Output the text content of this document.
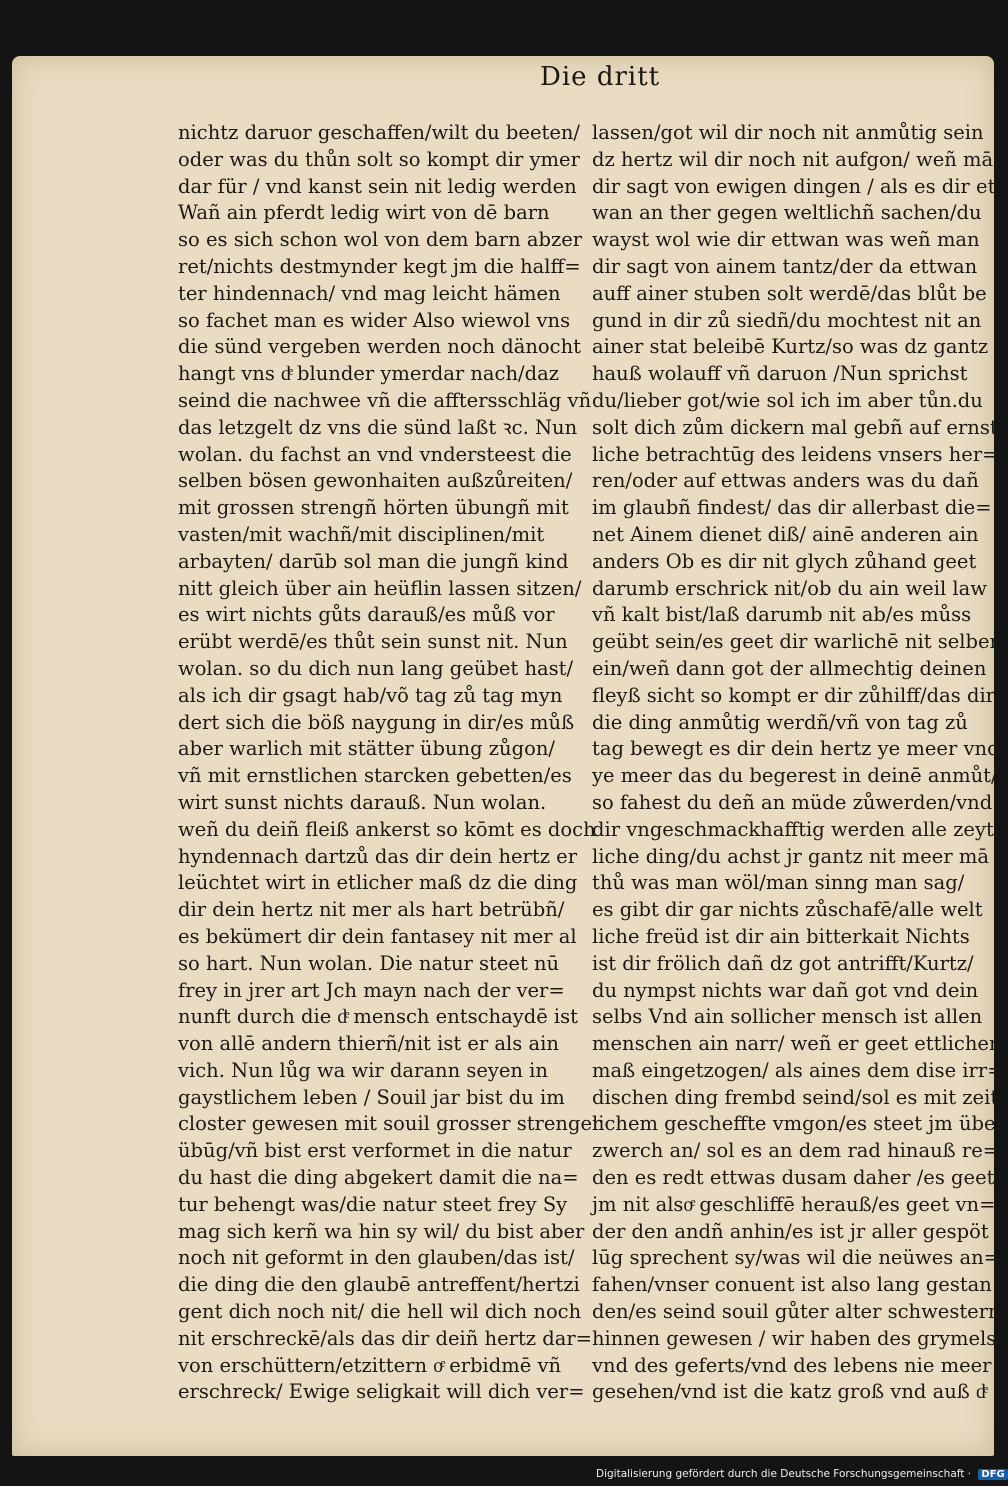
Die dritt
nichtz daruor geschaffen/wilt du beeten/
oder was du thůn solt so kompt dir ymer
dar für / vnd kanst sein nit ledig werden
Wañ ain pferdt ledig wirt von dē barn
so es sich schon wol von dem barn abzer
ret/nichts destmynder kegt jm die halff=
ter hindennach/ vnd mag leicht hämen
so fachet man es wider Also wiewol vns
die sünd vergeben werden noch dänocht
hangt vns dͤ blunder ymerdar nach/daz
seind die nachwee vñ die afftersschläg vñ
das letzgelt dz vns die sünd laßt ꝛc. Nun
wolan. du fachst an vnd vndersteest die
selben bösen gewonhaiten außzůreiten/
mit grossen strengñ hörten übungñ mit
vasten/mit wachñ/mit disciplinen/mit
arbayten/ darūb sol man die jungñ kind
nitt gleich über ain heüflin lassen sitzen/
es wirt nichts gůts darauß/es můß vor
erübt werdē/es thůt sein sunst nit. Nun
wolan. so du dich nun lang geübet hast/
als ich dir gsagt hab/võ tag zů tag myn
dert sich die böß naygung in dir/es můß
aber warlich mit stätter übung zůgon/
vñ mit ernstlichen starcken gebetten/es
wirt sunst nichts darauß. Nun wolan.
weñ du deiñ fleiß ankerst so kōmt es doch
hyndennach dartzů das dir dein hertz er
leüchtet wirt in etlicher maß dz die ding
dir dein hertz nit mer als hart betrübñ/
es bekümert dir dein fantasey nit mer al
so hart. Nun wolan. Die natur steet nū
frey in jrer art Jch mayn nach der ver=
nunft durch die dͤ mensch entschaydē ist
von allē andern thierñ/nit ist er als ain
vich. Nun lůg wa wir darann seyen in
gaystlichem leben / Souil jar bist du im
closter gewesen mit souil grosser strenger
übūg/vñ bist erst verformet in die natur
du hast die ding abgekert damit die na=
tur behengt was/die natur steet frey Sy
mag sich kerñ wa hin sy wil/ du bist aber
noch nit geformt in den glauben/das ist/
die ding die den glaubē antreffent/hertzi
gent dich noch nit/ die hell wil dich noch
nit erschreckē/als das dir deiñ hertz dar=
von erschüttern/etzittern oͤ erbidmē vñ
erschreck/ Ewige seligkait will dich ver=
lassen/got wil dir noch nit anmůtig sein
dz hertz wil dir noch nit aufgon/ weñ mā
dir sagt von ewigen dingen / als es dir et
wan an ther gegen weltlichñ sachen/du
wayst wol wie dir ettwan was weñ man
dir sagt von ainem tantz/der da ettwan
auff ainer stuben solt werdē/das blůt be
gund in dir zů siedñ/du mochtest nit an
ainer stat beleibē Kurtz/so was dz gantz
hauß wolauff vñ daruon /Nun sprichst
du/lieber got/wie sol ich im aber tůn.du
solt dich zům dickern mal gebñ auf ernst
liche betrachtūg des leidens vnsers her=
ren/oder auf ettwas anders was du dañ
im glaubñ findest/ das dir allerbast die=
net Ainem dienet diß/ ainē anderen ain
anders Ob es dir nit glych zůhand geet
darumb erschrick nit/ob du ain weil law
vñ kalt bist/laß darumb nit ab/es můss
geübt sein/es geet dir warlichē nit selber
ein/weñ dann got der allmechtig deinen
fleyß sicht so kompt er dir zůhilff/das dir
die ding anmůtig werdñ/vñ von tag zů
tag bewegt es dir dein hertz ye meer vnd
ye meer das du begerest in deinē anmůt/
so fahest du deñ an müde zůwerden/vnd
dir vngeschmackhafftig werden alle zeyt
liche ding/du achst jr gantz nit meer mā
thů was man wöl/man sinng man sag/
es gibt dir gar nichts zůschafē/alle welt
liche freüd ist dir ain bitterkait Nichts
ist dir frölich dañ dz got antrifft/Kurtz/
du nympst nichts war dañ got vnd dein
selbs Vnd ain sollicher mensch ist allen
menschen ain narr/ weñ er geet ettlicher
maß eingetzogen/ als aines dem dise irr=
dischen ding frembd seind/sol es mit zeit
lichem gescheffte vmgon/es steet jm über
zwerch an/ sol es an dem rad hinauß re=
den es redt ettwas dusam daher /es geet
jm nit alsoͤ geschliffē herauß/es geet vn=
der den andñ anhin/es ist jr aller gespöt
lūg sprechent sy/was wil die neüwes an=
fahen/vnser conuent ist also lang gestan
den/es seind souil gůter alter schwestern
hinnen gewesen / wir haben des grymels
vnd des geferts/vnd des lebens nie meer
gesehen/vnd ist die katz groß vnd auß dͤ
Digitalisierung gefördert durch die Deutsche Forschungsgemeinschaft · DFG
